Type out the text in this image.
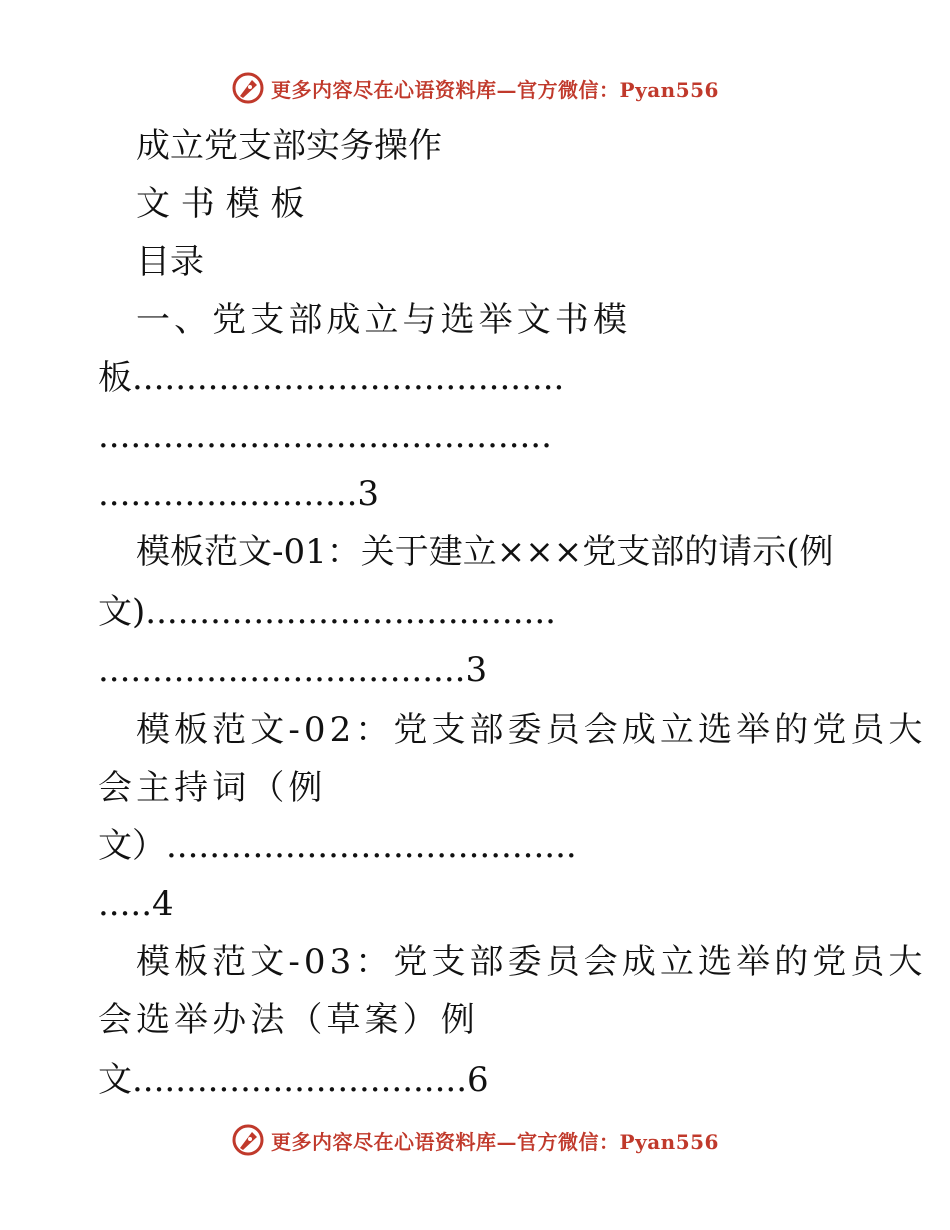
更多内容尽在心语资料库—官方微信：Pyan556
成立党支部实务操作
文 书 模 板
目录
一、党支部成立与选举文书模
板........................................
..........................................
........................3
模板范文-01：关于建立×××党支部的请示(例
文)......................................
..................................3
模板范文-02：党支部委员会成立选举的党员大
会主持词（例
文）......................................
.....4
模板范文-03：党支部委员会成立选举的党员大
会选举办法（草案）例
文...............................6
更多内容尽在心语资料库—官方微信：Pyan556
